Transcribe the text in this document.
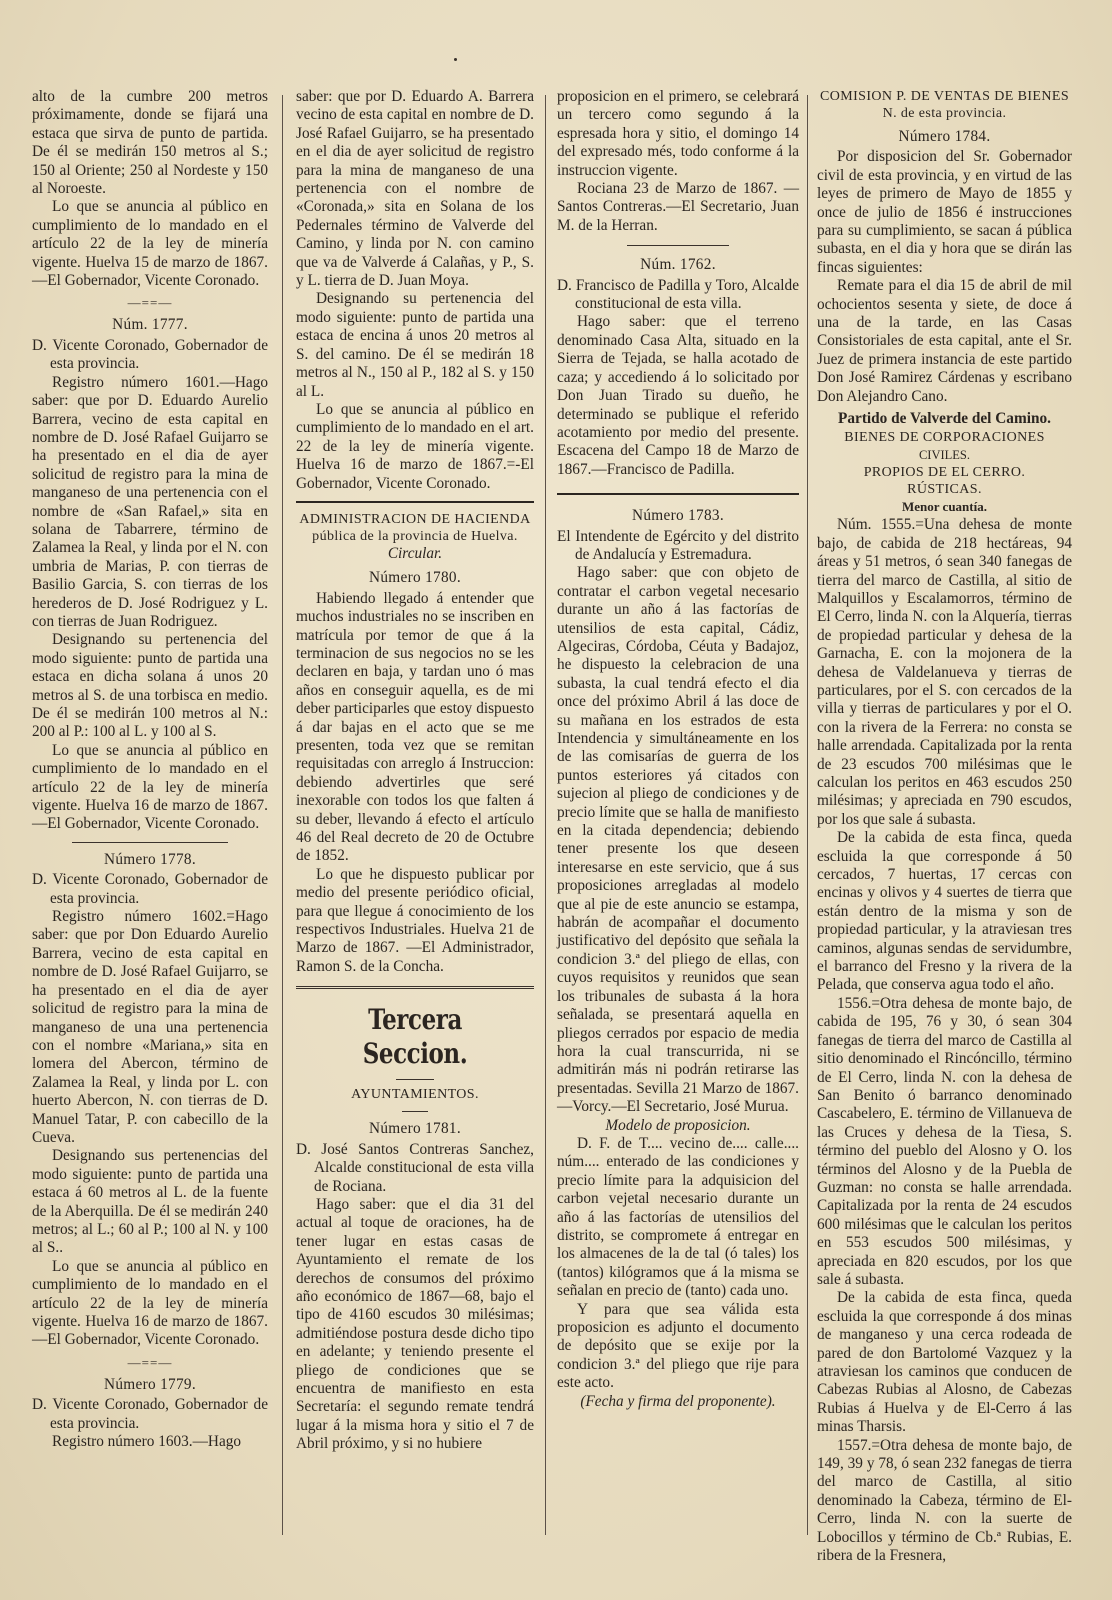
alto de la cumbre 200 metros próximamente, donde se fijará una estaca que sirva de punto de partida. De él se medirán 150 metros al S.; 150 al Oriente; 250 al Nordeste y 150 al Noroeste.

Lo que se anuncia al público en cumplimiento de lo mandado en el artículo 22 de la ley de minería vigente. Huelva 15 de marzo de 1867.—El Gobernador, Vicente Coronado.

—==—

Núm. 1777.

D. Vicente Coronado, Gobernador de esta provincia.

Registro número 1601.—Hago saber: que por D. Eduardo Aurelio Barrera, vecino de esta capital en nombre de D. José Rafael Guijarro se ha presentado en el dia de ayer solicitud de registro para la mina de manganeso de una pertenencia con el nombre de «San Rafael,» sita en solana de Tabarrere, término de Zalamea la Real, y linda por el N. con umbria de Marias, P. con tierras de Basilio Garcia, S. con tierras de los herederos de D. José Rodriguez y L. con tierras de Juan Rodriguez.

Designando su pertenencia del modo siguiente: punto de partida una estaca en dicha solana á unos 20 metros al S. de una torbisca en medio. De él se medirán 100 metros al N.: 200 al P.: 100 al L. y 100 al S.

Lo que se anuncia al público en cumplimiento de lo mandado en el artículo 22 de la ley de minería vigente. Huelva 16 de marzo de 1867.—El Gobernador, Vicente Coronado.

Número 1778.

D. Vicente Coronado, Gobernador de esta provincia.

Registro número 1602.=Hago saber: que por Don Eduardo Aurelio Barrera, vecino de esta capital en nombre de D. José Rafael Guijarro, se ha presentado en el dia de ayer solicitud de registro para la mina de manganeso de una una pertenencia con el nombre «Mariana,» sita en lomera del Abercon, término de Zalamea la Real, y linda por L. con huerto Abercon, N. con tierras de D. Manuel Tatar, P. con cabecillo de la Cueva.

Designando sus pertenencias del modo siguiente: punto de partida una estaca á 60 metros al L. de la fuente de la Aberquilla. De él se medirán 240 metros; al L.; 60 al P.; 100 al N. y 100 al S..

Lo que se anuncia al público en cumplimiento de lo mandado en el artículo 22 de la ley de minería vigente. Huelva 16 de marzo de 1867.—El Gobernador, Vicente Coronado.

—==—

Número 1779.

D. Vicente Coronado, Gobernador de esta provincia.

Registro número 1603.—Hago

saber: que por D. Eduardo A. Barrera vecino de esta capital en nombre de D. José Rafael Guijarro, se ha presentado en el dia de ayer solicitud de registro para la mina de manganeso de una pertenencia con el nombre de «Coronada,» sita en Solana de los Pedernales término de Valverde del Camino, y linda por N. con camino que va de Valverde á Calañas, y P., S. y L. tierra de D. Juan Moya.

Designando su pertenencia del modo siguiente: punto de partida una estaca de encina á unos 20 metros al S. del camino. De él se medirán 18 metros al N., 150 al P., 182 al S. y 150 al L.

Lo que se anuncia al público en cumplimiento de lo mandado en el art. 22 de la ley de minería vigente. Huelva 16 de marzo de 1867.=-El Gobernador, Vicente Coronado.

ADMINISTRACION DE HACIENDA pública de la provincia de Huelva.

Circular.

Número 1780.

Habiendo llegado á entender que muchos industriales no se inscriben en matrícula por temor de que á la terminacion de sus negocios no se les declaren en baja, y tardan uno ó mas años en conseguir aquella, es de mi deber participarles que estoy dispuesto á dar bajas en el acto que se me presenten, toda vez que se remitan requisitadas con arreglo á Instruccion: debiendo advertirles que seré inexorable con todos los que falten á su deber, llevando á efecto el artículo 46 del Real decreto de 20 de Octubre de 1852.

Lo que he dispuesto publicar por medio del presente periódico oficial, para que llegue á conocimiento de los respectivos Industriales. Huelva 21 de Marzo de 1867. —El Administrador, Ramon S. de la Concha.

Tercera Seccion.

AYUNTAMIENTOS.

Número 1781.

D. José Santos Contreras Sanchez, Alcalde constitucional de esta villa de Rociana.

Hago saber: que el dia 31 del actual al toque de oraciones, ha de tener lugar en estas casas de Ayuntamiento el remate de los derechos de consumos del próximo año económico de 1867—68, bajo el tipo de 4160 escudos 30 milésimas; admitiéndose postura desde dicho tipo en adelante; y teniendo presente el pliego de condiciones que se encuentra de manifiesto en esta Secretaría: el segundo remate tendrá lugar á la misma hora y sitio el 7 de Abril próximo, y si no hubiere

proposicion en el primero, se celebrará un tercero como segundo á la espresada hora y sitio, el domingo 14 del expresado més, todo conforme á la instruccion vigente.

Rociana 23 de Marzo de 1867. —Santos Contreras.—El Secretario, Juan M. de la Herran.

Núm. 1762.

D. Francisco de Padilla y Toro, Alcalde constitucional de esta villa.

Hago saber: que el terreno denominado Casa Alta, situado en la Sierra de Tejada, se halla acotado de caza; y accediendo á lo solicitado por Don Juan Tirado su dueño, he determinado se publique el referido acotamiento por medio del presente. Escacena del Campo 18 de Marzo de 1867.—Francisco de Padilla.

Número 1783.

El Intendente de Egército y del distrito de Andalucía y Estremadura.

Hago saber: que con objeto de contratar el carbon vegetal necesario durante un año á las factorías de utensilios de esta capital, Cádiz, Algeciras, Córdoba, Céuta y Badajoz, he dispuesto la celebracion de una subasta, la cual tendrá efecto el dia once del próximo Abril á las doce de su mañana en los estrados de esta Intendencia y simultáneamente en los de las comisarías de guerra de los puntos esteriores yá citados con sujecion al pliego de condiciones y de precio límite que se halla de manifiesto en la citada dependencia; debiendo tener presente los que deseen interesarse en este servicio, que á sus proposiciones arregladas al modelo que al pie de este anuncio se estampa, habrán de acompañar el documento justificativo del depósito que señala la condicion 3.ª del pliego de ellas, con cuyos requisitos y reunidos que sean los tribunales de subasta á la hora señalada, se presentará aquella en pliegos cerrados por espacio de media hora la cual transcurrida, ni se admitirán más ni podrán retirarse las presentadas. Sevilla 21 Marzo de 1867.—Vorcy.—El Secretario, José Murua.

Modelo de proposicion.

D. F. de T.... vecino de.... calle.... núm.... enterado de las condiciones y precio límite para la adquisicion del carbon vejetal necesario durante un año á las factorías de utensilios del distrito, se compromete á entregar en los almacenes de la de tal (ó tales) los (tantos) kilógramos que á la misma se señalan en precio de (tanto) cada uno.

Y para que sea válida esta proposicion es adjunto el documento de depósito que se exije por la condicion 3.ª del pliego que rije para este acto.

(Fecha y firma del proponente).

COMISION P. DE VENTAS DE BIENES N. de esta provincia.

Número 1784.

Por disposicion del Sr. Gobernador civil de esta provincia, y en virtud de las leyes de primero de Mayo de 1855 y once de julio de 1856 é instrucciones para su cumplimiento, se sacan á pública subasta, en el dia y hora que se dirán las fincas siguientes:

Remate para el dia 15 de abril de mil ochocientos sesenta y siete, de doce á una de la tarde, en las Casas Consistoriales de esta capital, ante el Sr. Juez de primera instancia de este partido Don José Ramirez Cárdenas y escribano Don Alejandro Cano.

Partido de Valverde del Camino.

BIENES DE CORPORACIONES

CIVILES.

PROPIOS DE EL CERRO.

RÚSTICAS.

Menor cuantía.

Núm. 1555.=Una dehesa de monte bajo, de cabida de 218 hectáreas, 94 áreas y 51 metros, ó sean 340 fanegas de tierra del marco de Castilla, al sitio de Malquillos y Escalamorros, término de El Cerro, linda N. con la Alquería, tierras de propiedad particular y dehesa de la Garnacha, E. con la mojonera de la dehesa de Valdelanueva y tierras de particulares, por el S. con cercados de la villa y tierras de particulares y por el O. con la rivera de la Ferrera: no consta se halle arrendada. Capitalizada por la renta de 23 escudos 700 milésimas que le calculan los peritos en 463 escudos 250 milésimas; y apreciada en 790 escudos, por los que sale á subasta.

De la cabida de esta finca, queda escluida la que corresponde á 50 cercados, 7 huertas, 17 cercas con encinas y olivos y 4 suertes de tierra que están dentro de la misma y son de propiedad particular, y la atraviesan tres caminos, algunas sendas de servidumbre, el barranco del Fresno y la rivera de la Pelada, que conserva agua todo el año.

1556.=Otra dehesa de monte bajo, de cabida de 195, 76 y 30, ó sean 304 fanegas de tierra del marco de Castilla al sitio denominado el Rincóncillo, término de El Cerro, linda N. con la dehesa de San Benito ó barranco denominado Cascabelero, E. término de Villanueva de las Cruces y dehesa de la Tiesa, S. término del pueblo del Alosno y O. los términos del Alosno y de la Puebla de Guzman: no consta se halle arrendada. Capitalizada por la renta de 24 escudos 600 milésimas que le calculan los peritos en 553 escudos 500 milésimas, y apreciada en 820 escudos, por los que sale á subasta.

De la cabida de esta finca, queda escluida la que corresponde á dos minas de manganeso y una cerca rodeada de pared de don Bartolomé Vazquez y la atraviesan los caminos que conducen de Cabezas Rubias al Alosno, de Cabezas Rubias á Huelva y de El-Cerro á las minas Tharsis.

1557.=Otra dehesa de monte bajo, de 149, 39 y 78, ó sean 232 fanegas de tierra del marco de Castilla, al sitio denominado la Cabeza, término de El-Cerro, linda N. con la suerte de Lobocillos y término de Cb.ª Rubias, E. ribera de la Fresnera,
